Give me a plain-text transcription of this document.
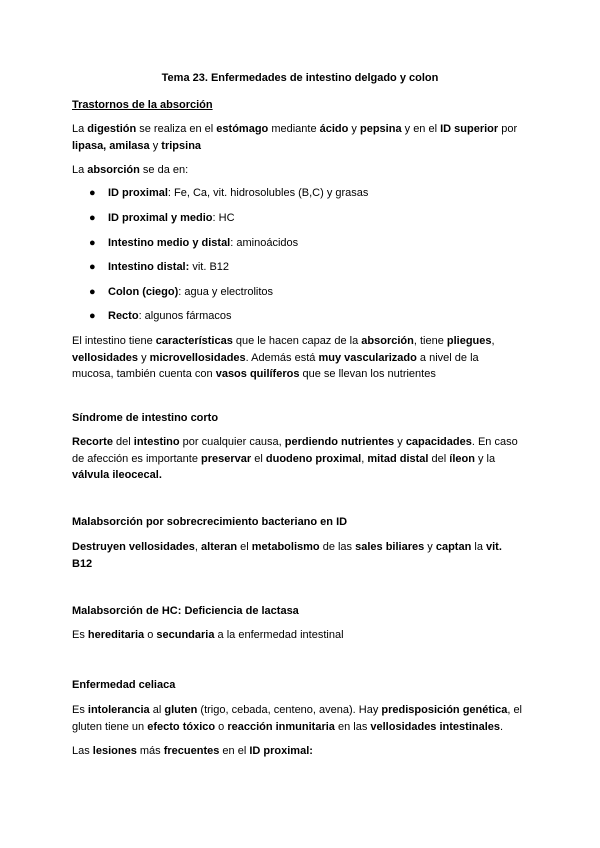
Tema 23. Enfermedades de intestino delgado y colon

Trastornos de la absorción

La digestión se realiza en el estómago mediante ácido y pepsina y en el ID superior por
lipasa, amilasa y tripsina

La absorción se da en:

● ID proximal: Fe, Ca, vit. hidrosolubles (B,C) y grasas
● ID proximal y medio: HC
● Intestino medio y distal: aminoácidos
● Intestino distal: vit. B12
● Colon (ciego): agua y electrolitos
● Recto: algunos fármacos

El intestino tiene características que le hacen capaz de la absorción, tiene pliegues,
vellosidades y microvellosidades. Además está muy vascularizado a nivel de la
mucosa, también cuenta con vasos quilíferos que se llevan los nutrientes

Síndrome de intestino corto

Recorte del intestino por cualquier causa, perdiendo nutrientes y capacidades. En caso
de afección es importante preservar el duodeno proximal, mitad distal del íleon y la
válvula ileocecal.

Malabsorción por sobrecrecimiento bacteriano en ID

Destruyen vellosidades, alteran el metabolismo de las sales biliares y captan la vit.
B12

Malabsorción de HC: Deficiencia de lactasa

Es hereditaria o secundaria a la enfermedad intestinal

Enfermedad celiaca

Es intolerancia al gluten (trigo, cebada, centeno, avena). Hay predisposición genética, el
gluten tiene un efecto tóxico o reacción inmunitaria en las vellosidades intestinales.

Las lesiones más frecuentes en el ID proximal:
